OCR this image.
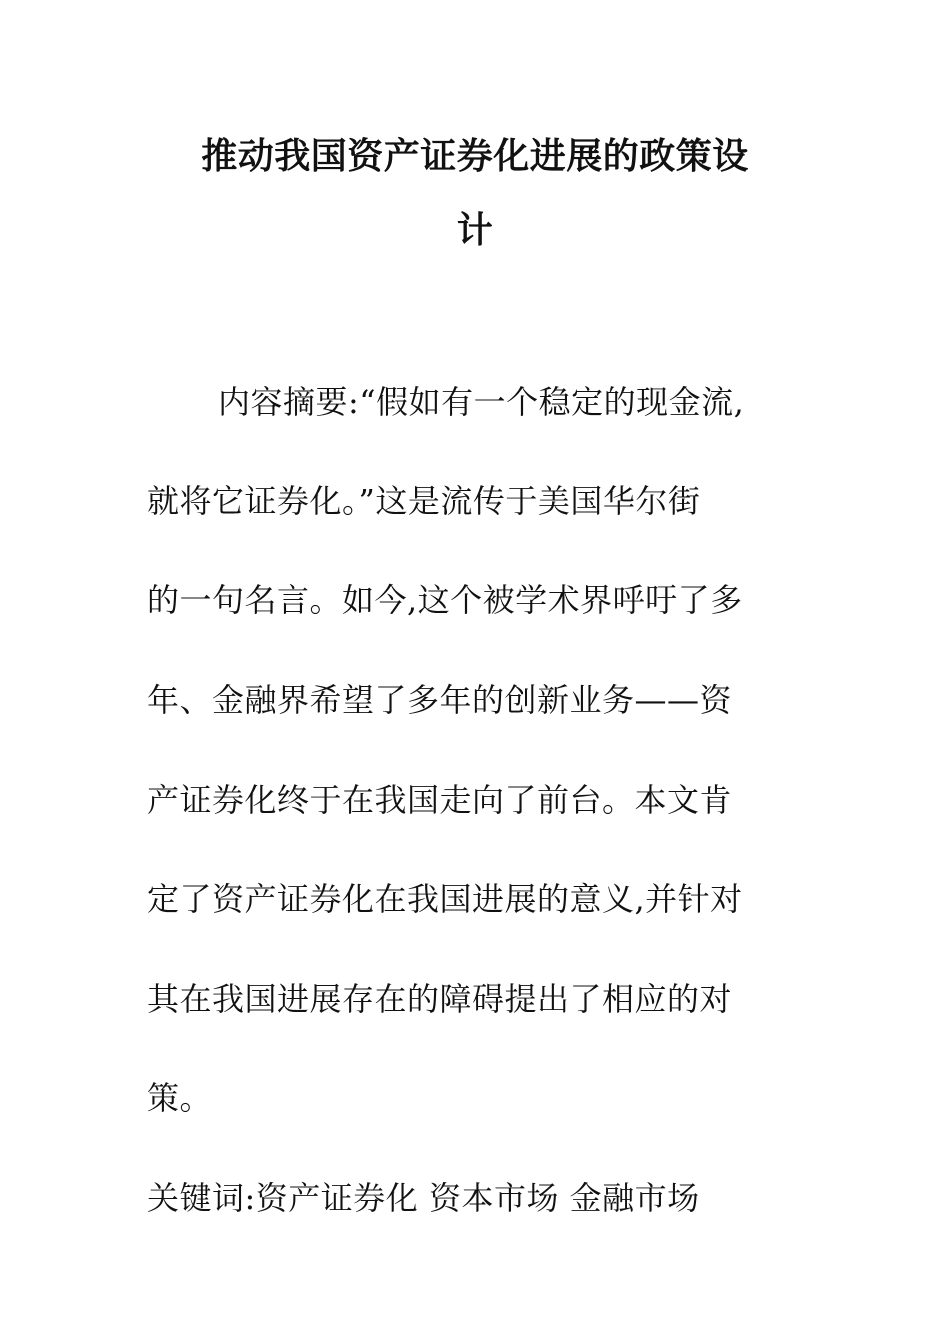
推动我国资产证券化进展的政策设
计
内容摘要:“假如有一个稳定的现金流,
就将它证券化。”这是流传于美国华尔街
的一句名言。如今,这个被学术界呼吁了多
年、金融界希望了多年的创新业务——资
产证券化终于在我国走向了前台。本文肯
定了资产证券化在我国进展的意义,并针对
其在我国进展存在的障碍提出了相应的对
策。
关键词:资产证券化 资本市场 金融市场
